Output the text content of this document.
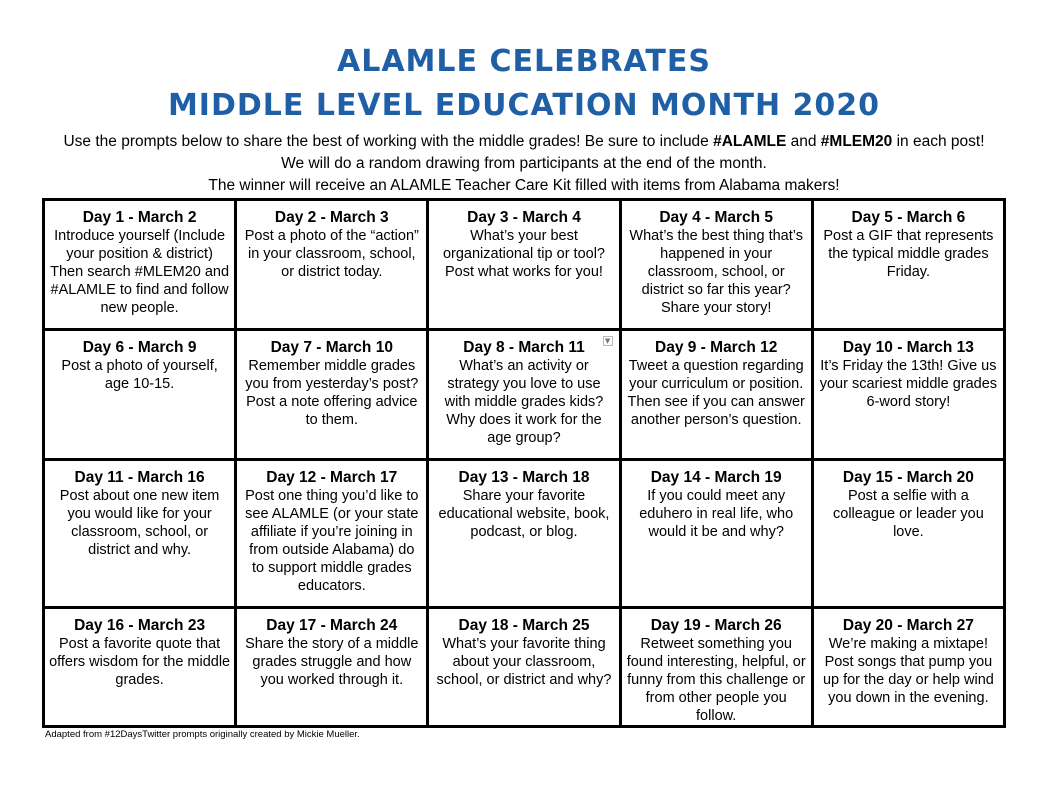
ALAMLE CELEBRATES
MIDDLE LEVEL EDUCATION MONTH 2020
Use the prompts below to share the best of working with the middle grades! Be sure to include #ALAMLE and #MLEM20 in each post!
We will do a random drawing from participants at the end of the month.
The winner will receive an ALAMLE Teacher Care Kit filled with items from Alabama makers!
Day 1 - March 2
Introduce yourself (Include your position & district) Then search #MLEM20 and #ALAMLE to find and follow new people.
Day 2 - March 3
Post a photo of the “action” in your classroom, school, or district today.
Day 3 - March 4
What’s your best organizational tip or tool? Post what works for you!
Day 4 - March 5
What’s the best thing that’s happened in your classroom, school, or district so far this year? Share your story!
Day 5 - March 6
Post a GIF that represents the typical middle grades Friday.
Day 6 - March 9
Post a photo of yourself, age 10-15.
Day 7 - March 10
Remember middle grades you from yesterday’s post? Post a note offering advice to them.
▼
Day 8 - March 11
What’s an activity or strategy you love to use with middle grades kids? Why does it work for the age group?
Day 9 - March 12
Tweet a question regarding your curriculum or position. Then see if you can answer another person’s question.
Day 10 - March 13
It’s Friday the 13th! Give us your scariest middle grades 6-word story!
Day 11 - March 16
Post about one new item you would like for your classroom, school, or district and why.
Day 12 - March 17
Post one thing you’d like to see ALAMLE (or your state affiliate if you’re joining in from outside Alabama) do to support middle grades educators.
Day 13 - March 18
Share your favorite educational website, book, podcast, or blog.
Day 14 - March 19
If you could meet any eduhero in real life, who would it be and why?
Day 15 - March 20
Post a selfie with a colleague or leader you love.
Day 16 - March 23
Post a favorite quote that offers wisdom for the middle grades.
Day 17 - March 24
Share the story of a middle grades struggle and how you worked through it.
Day 18 - March 25
What’s your favorite thing about your classroom, school, or district and why?
Day 19 - March 26
Retweet something you found interesting, helpful, or funny from this challenge or from other people you follow.
Day 20 - March 27
We’re making a mixtape! Post songs that pump you up for the day or help wind you down in the evening.
Adapted from #12DaysTwitter prompts originally created by Mickie Mueller.
